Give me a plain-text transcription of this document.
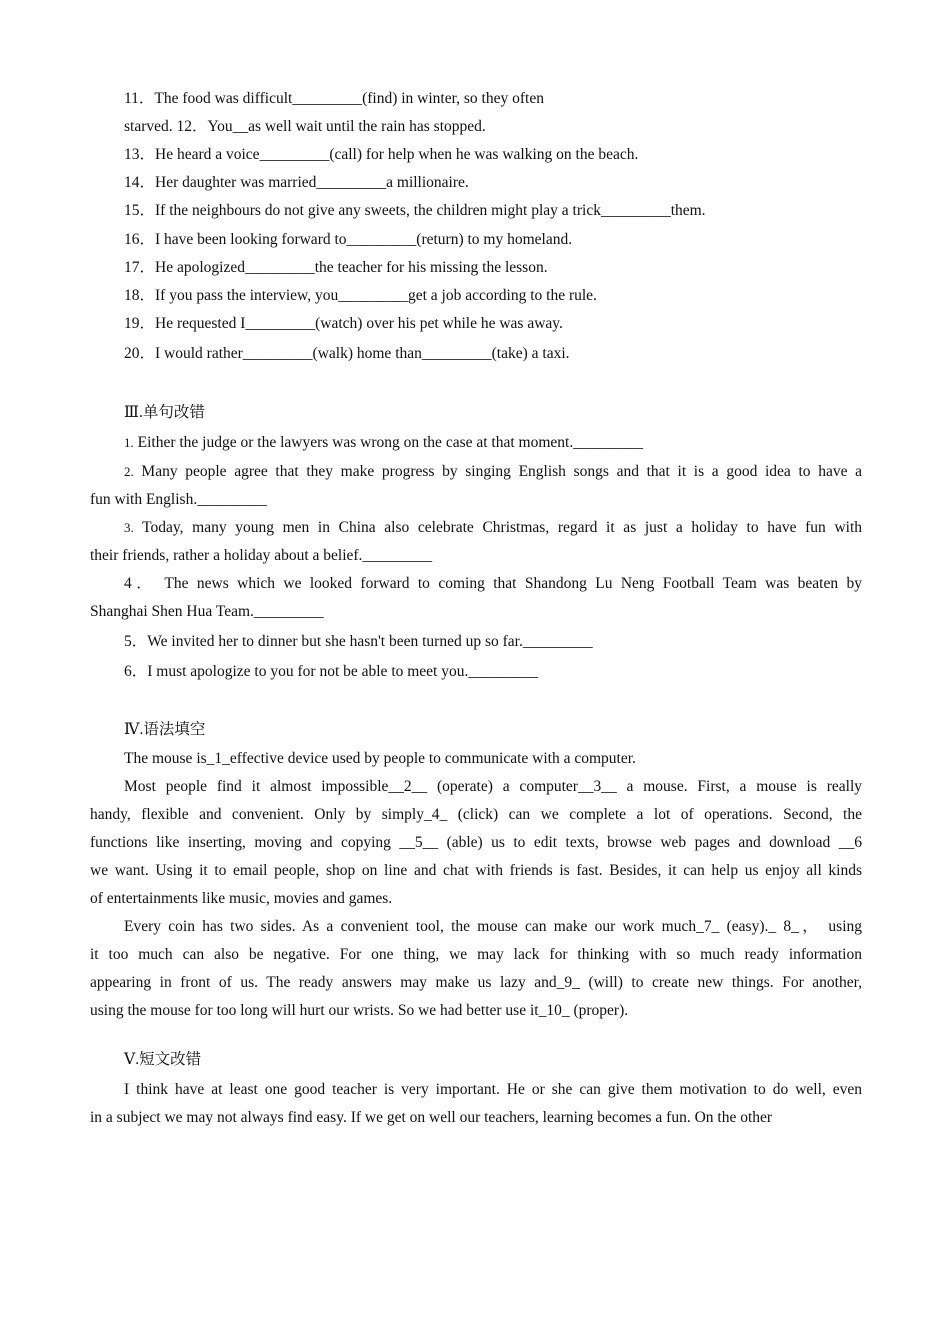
11．The food was difficult_________(find) in winter, so they often
starved. 12．You__as well wait until the rain has stopped.
13．He heard a voice_________(call) for help when he was walking on the beach.
14．Her daughter was married_________a millionaire.
15．If the neighbours do not give any sweets, the children might play a trick_________them.
16．I have been looking forward to_________(return) to my homeland.
17．He apologized_________the teacher for his missing the lesson.
18．If you pass the interview, you_________get a job according to the rule.
19．He requested I_________(watch) over his pet while he was away.
20．I would rather_________(walk) home than_________(take) a taxi.
Ⅲ.单句改错
1. Either the judge or the lawyers was wrong on the case at that moment._________
2. Many people agree that they make progress by singing English songs and that it is a good idea to have a
fun with English._________
3. Today, many young men in China also celebrate Christmas, regard it as just a holiday to have fun with
their friends, rather a holiday about a belief._________
4． The news which we looked forward to coming that Shandong Lu Neng Football Team was beaten by
Shanghai Shen Hua Team._________
5．We invited her to dinner but she hasn't been turned up so far._________
6．I must apologize to you for not be able to meet you._________
Ⅳ.语法填空
The mouse is_1_effective device used by people to communicate with a computer.
Most people find it almost impossible__2__ (operate) a computer__3__ a mouse. First, a mouse is really
handy, flexible and convenient. Only by simply_4_ (click) can we complete a lot of operations. Second, the
functions like inserting, moving and copying __5__ (able) us to edit texts, browse web pages and download __6
we want. Using it to email people, shop on line and chat with friends is fast. Besides, it can help us enjoy all kinds
of entertainments like music, movies and games.
Every coin has two sides. As a convenient tool, the mouse can make our work much_7_ (easy)._ 8_， using
it too much can also be negative. For one thing, we may lack for thinking with so much ready information
appearing in front of us. The ready answers may make us lazy and_9_ (will) to create new things. For another,
using the mouse for too long will hurt our wrists. So we had better use it_10_ (proper).
Ⅴ.短文改错
I think have at least one good teacher is very important. He or she can give them motivation to do well, even
in a subject we may not always find easy. If we get on well our teachers, learning becomes a fun. On the other
